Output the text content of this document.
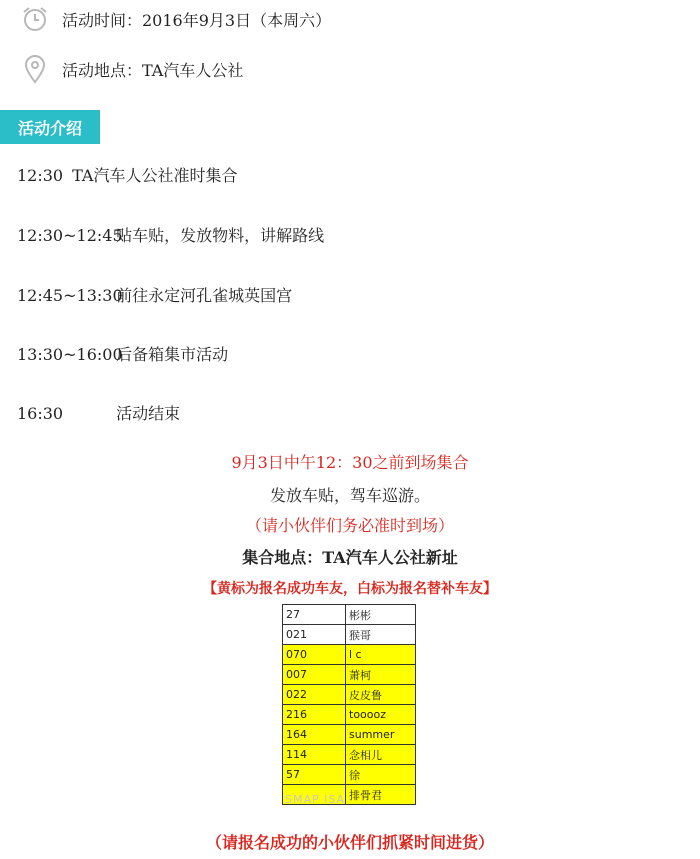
活动时间：2016年9月3日（本周六）
活动地点：TA汽车人公社
活动介绍
12:30 TA汽车人公社准时集合
12:30~12:45 贴车贴，发放物料，讲解路线
12:45~13:30 前往永定河孔雀城英国宫
13:30~16:00 后备箱集市活动
16:30	活动结束
9月3日中午12：30之前到场集合
发放车贴，驾车巡游。
（请小伙伴们务必准时到场）
集合地点：TA汽车人公社新址
【黄标为报名成功车友，白标为报名替补车友】
27	彬彬
021	猴哥
070	l c
007	萧柯
022	皮皮鲁
216	tooooz
164	summer
114	念相儿
57	徐
	排骨君
SMAP ISA
（请报名成功的小伙伴们抓紧时间进货）
